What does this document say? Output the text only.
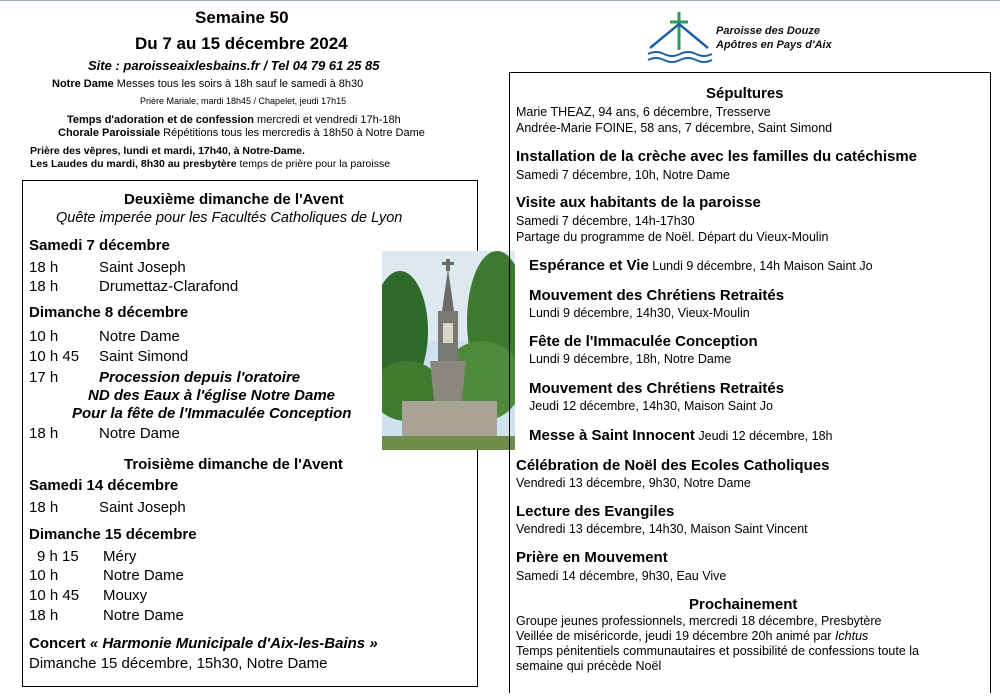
Semaine 50
Du 7 au 15 décembre 2024
Site : paroisseaixlesbains.fr / Tel 04 79 61 25 85
Notre Dame Messes tous les soirs à 18h sauf le samedi à 8h30
Prière Mariale, mardi 18h45 / Chapelet, jeudi 17h15
Temps d'adoration et de confession mercredi et vendredi 17h-18h
Chorale Paroissiale Répétitions tous les mercredis à 18h50 à Notre Dame
Prière des vêpres, lundi et mardi, 17h40, à Notre-Dame.
Les Laudes du mardi, 8h30 au presbytère temps de prière pour la paroisse
Paroisse des Douze
Apôtres en Pays d'Aix
Deuxième dimanche de l'Avent
Quête imperée pour les Facultés Catholiques de Lyon
Samedi 7 décembre
18 h	Saint Joseph
18 h	Drumettaz-Clarafond
Dimanche 8 décembre
10 h	Notre Dame
10 h 45 Saint Simond
17 h	Procession depuis l'oratoire
ND des Eaux à l'église Notre Dame
Pour la fête de l'Immaculée Conception
18 h	Notre Dame
Troisième dimanche de l'Avent
Samedi 14 décembre
18 h	Saint Joseph
Dimanche 15 décembre
9 h 15 Méry
10 h	Notre Dame
10 h 45 Mouxy
18 h	Notre Dame
Concert « Harmonie Municipale d'Aix-les-Bains »
Dimanche 15 décembre, 15h30, Notre Dame
Sépultures
Marie THEAZ, 94 ans, 6 décembre, Tresserve
Andrée-Marie FOINE, 58 ans, 7 décembre, Saint Simond
Installation de la crèche avec les familles du catéchisme
Samedi 7 décembre, 10h, Notre Dame
Visite aux habitants de la paroisse
Samedi 7 décembre, 14h-17h30
Partage du programme de Noël. Départ du Vieux-Moulin
Espérance et Vie Lundi 9 décembre, 14h Maison Saint Jo
Mouvement des Chrétiens Retraités
Lundi 9 décembre, 14h30, Vieux-Moulin
Fête de l'Immaculée Conception
Lundi 9 décembre, 18h, Notre Dame
Mouvement des Chrétiens Retraités
Jeudi 12 décembre, 14h30, Maison Saint Jo
Messe à Saint Innocent Jeudi 12 décembre, 18h
Célébration de Noël des Ecoles Catholiques
Vendredi 13 décembre, 9h30, Notre Dame
Lecture des Evangiles
Vendredi 13 décembre, 14h30, Maison Saint Vincent
Prière en Mouvement
Samedi 14 décembre, 9h30, Eau Vive
Prochainement
Groupe jeunes professionnels, mercredi 18 décembre, Presbytère
Veillée de miséricorde, jeudi 19 décembre 20h animé par Ichtus
Temps pénitentiels communautaires et possibilité de confessions toute la semaine qui précède Noël
